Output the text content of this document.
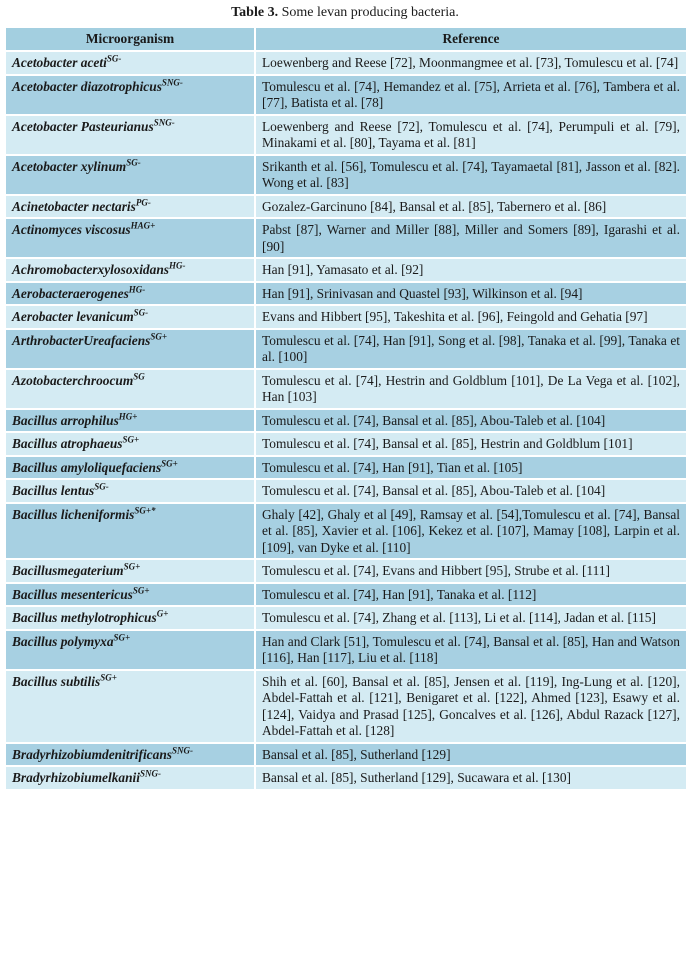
Table 3. Some levan producing bacteria.
Microorganism	Reference
Acetobacter aceti$^{SG-}$	Loewenberg and Reese [72], Moonmangmee et al. [73], Tomulescu et al. [74]
Acetobacter diazotrophicus$^{SNG-}$	Tomulescu et al. [74], Hemandez et al. [75], Arrieta et al. [76], Tambera et al. [77], Batista et al. [78]
Acetobacter Pasteurianus$^{SNG-}$	Loewenberg and Reese [72], Tomulescu et al. [74], Perumpuli et al. [79], Minakami et al. [80], Tayama et al. [81]
Acetobacter xylinum$^{SG-}$	Srikanth et al. [56], Tomulescu et al. [74], Tayamaetal [81], Jasson et al. [82]. Wong et al. [83]
Acinetobacter nectaris$^{PG-}$	Gozalez-Garcinuno [84], Bansal et al. [85], Tabernero et al. [86]
Actinomyces viscosus$^{HAG+}$	Pabst [87], Warner and Miller [88], Miller and Somers [89], Igarashi et al. [90]
Achromobacterxylosoxidans$^{HG-}$	Han [91], Yamasato et al. [92]
Aerobacteraerogenes$^{HG-}$	Han [91], Srinivasan and Quastel [93], Wilkinson et al. [94]
Aerobacter levanicum$^{SG-}$	Evans and Hibbert [95], Takeshita et al. [96], Feingold and Gehatia [97]
ArthrobacterUreafaciens$^{SG+}$	Tomulescu et al. [74], Han [91], Song et al. [98], Tanaka et al. [99], Tanaka et al. [100]
Azotobacterchroocum$^{SG}$	Tomulescu et al. [74], Hestrin and Goldblum [101], De La Vega et al. [102], Han [103]
Bacillus arrophilus$^{HG+}$	Tomulescu et al. [74], Bansal et al. [85], Abou-Taleb et al. [104]
Bacillus atrophaeus$^{SG+}$	Tomulescu et al. [74], Bansal et al. [85], Hestrin and Goldblum [101]
Bacillus amyloliquefaciens$^{SG+}$	Tomulescu et al. [74], Han [91], Tian et al. [105]
Bacillus lentus$^{SG-}$	Tomulescu et al. [74], Bansal et al. [85], Abou-Taleb et al. [104]
Bacillus licheniformis$^{SG+*}$	Ghaly [42], Ghaly et al [49], Ramsay et al. [54],Tomulescu et al. [74], Bansal et al. [85], Xavier et al. [106], Kekez et al. [107], Mamay [108], Larpin et al. [109], van Dyke et al. [110]
Bacillusmegaterium$^{SG+}$	Tomulescu et al. [74], Evans and Hibbert [95], Strube et al. [111]
Bacillus mesentericus$^{SG+}$	Tomulescu et al. [74], Han [91], Tanaka et al. [112]
Bacillus methylotrophicus$^{G+}$	Tomulescu et al. [74], Zhang et al. [113], Li et al. [114], Jadan et al. [115]
Bacillus polymyxa$^{SG+}$	Han and Clark [51], Tomulescu et al. [74], Bansal et al. [85], Han and Watson [116], Han [117], Liu et al. [118]
Bacillus subtilis$^{SG+}$	Shih et al. [60], Bansal et al. [85], Jensen et al. [119], Ing-Lung et al. [120], Abdel-Fattah et al. [121], Benigaret et al. [122], Ahmed [123], Esawy et al. [124], Vaidya and Prasad [125], Goncalves et al. [126], Abdul Razack [127], Abdel-Fattah et al. [128]
Bradyrhizobiumdenitrificans$^{SNG-}$	Bansal et al. [85], Sutherland [129]
Bradyrhizobiumelkanii$^{SNG-}$	Bansal et al. [85], Sutherland [129], Sucawara et al. [130]
